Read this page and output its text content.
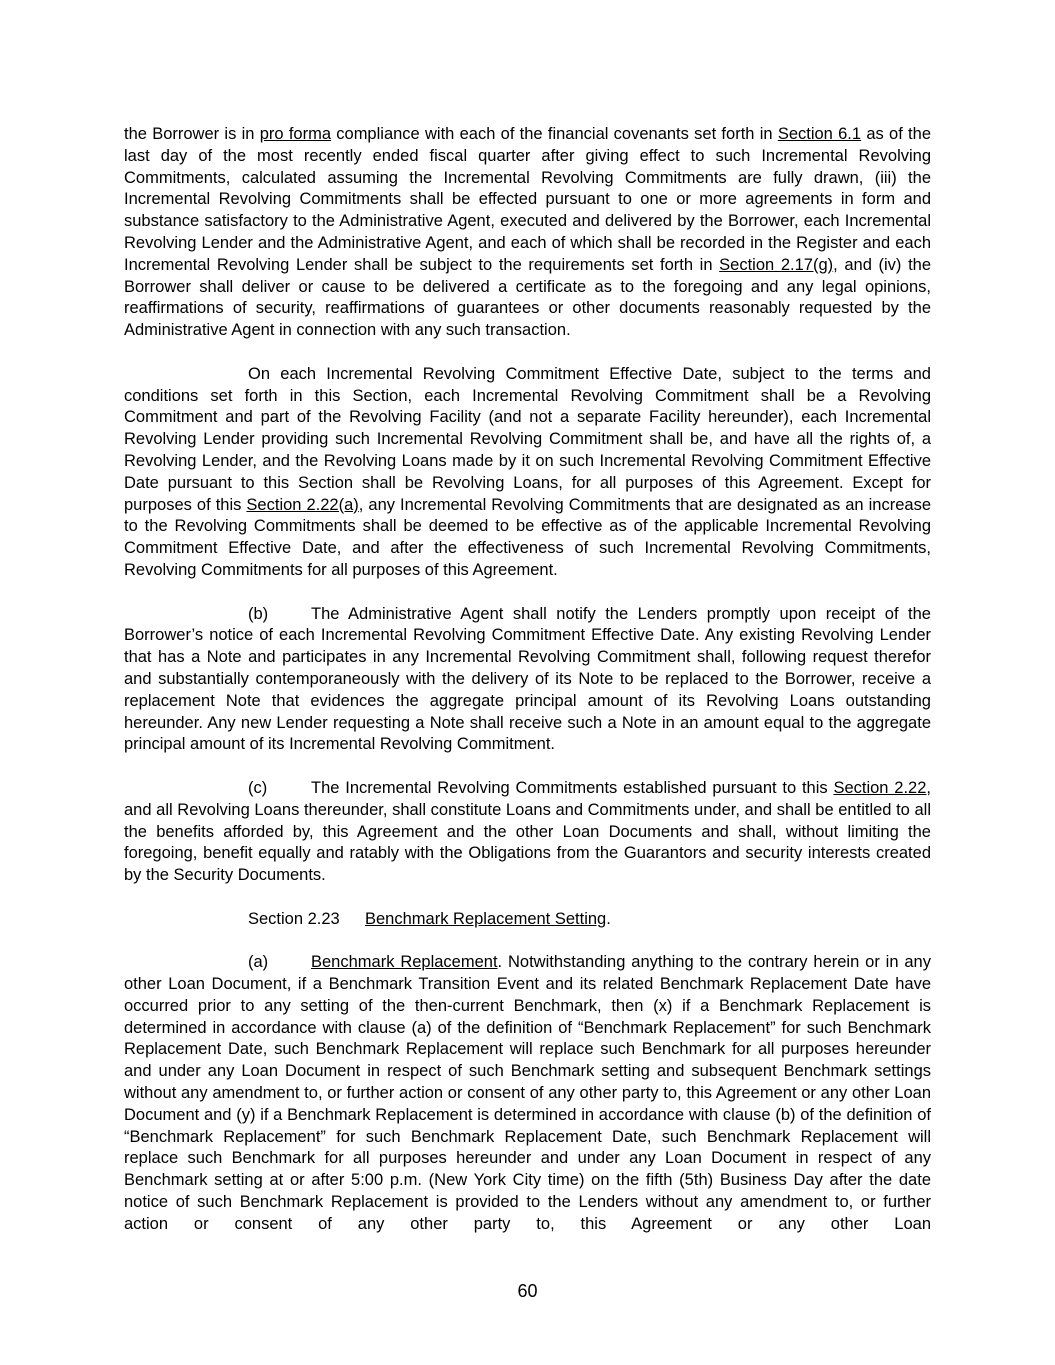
the Borrower is in pro forma compliance with each of the financial covenants set forth in Section 6.1 as of the last day of the most recently ended fiscal quarter after giving effect to such Incremental Revolving Commitments, calculated assuming the Incremental Revolving Commitments are fully drawn, (iii) the Incremental Revolving Commitments shall be effected pursuant to one or more agreements in form and substance satisfactory to the Administrative Agent, executed and delivered by the Borrower, each Incremental Revolving Lender and the Administrative Agent, and each of which shall be recorded in the Register and each Incremental Revolving Lender shall be subject to the requirements set forth in Section 2.17(g), and (iv) the Borrower shall deliver or cause to be delivered a certificate as to the foregoing and any legal opinions, reaffirmations of security, reaffirmations of guarantees or other documents reasonably requested by the Administrative Agent in connection with any such transaction.

On each Incremental Revolving Commitment Effective Date, subject to the terms and conditions set forth in this Section, each Incremental Revolving Commitment shall be a Revolving Commitment and part of the Revolving Facility (and not a separate Facility hereunder), each Incremental Revolving Lender providing such Incremental Revolving Commitment shall be, and have all the rights of, a Revolving Lender, and the Revolving Loans made by it on such Incremental Revolving Commitment Effective Date pursuant to this Section shall be Revolving Loans, for all purposes of this Agreement. Except for purposes of this Section 2.22(a), any Incremental Revolving Commitments that are designated as an increase to the Revolving Commitments shall be deemed to be effective as of the applicable Incremental Revolving Commitment Effective Date, and after the effectiveness of such Incremental Revolving Commitments, Revolving Commitments for all purposes of this Agreement.

(b)	The Administrative Agent shall notify the Lenders promptly upon receipt of the Borrower’s notice of each Incremental Revolving Commitment Effective Date. Any existing Revolving Lender that has a Note and participates in any Incremental Revolving Commitment shall, following request therefor and substantially contemporaneously with the delivery of its Note to be replaced to the Borrower, receive a replacement Note that evidences the aggregate principal amount of its Revolving Loans outstanding hereunder. Any new Lender requesting a Note shall receive such a Note in an amount equal to the aggregate principal amount of its Incremental Revolving Commitment.

(c)	The Incremental Revolving Commitments established pursuant to this Section 2.22, and all Revolving Loans thereunder, shall constitute Loans and Commitments under, and shall be entitled to all the benefits afforded by, this Agreement and the other Loan Documents and shall, without limiting the foregoing, benefit equally and ratably with the Obligations from the Guarantors and security interests created by the Security Documents.

Section 2.23 Benchmark Replacement Setting.

(a)	Benchmark Replacement. Notwithstanding anything to the contrary herein or in any other Loan Document, if a Benchmark Transition Event and its related Benchmark Replacement Date have occurred prior to any setting of the then-current Benchmark, then (x) if a Benchmark Replacement is determined in accordance with clause (a) of the definition of “Benchmark Replacement” for such Benchmark Replacement Date, such Benchmark Replacement will replace such Benchmark for all purposes hereunder and under any Loan Document in respect of such Benchmark setting and subsequent Benchmark settings without any amendment to, or further action or consent of any other party to, this Agreement or any other Loan Document and (y) if a Benchmark Replacement is determined in accordance with clause (b) of the definition of “Benchmark Replacement” for such Benchmark Replacement Date, such Benchmark Replacement will replace such Benchmark for all purposes hereunder and under any Loan Document in respect of any Benchmark setting at or after 5:00 p.m. (New York City time) on the fifth (5th) Business Day after the date notice of such Benchmark Replacement is provided to the Lenders without any amendment to, or further action or consent of any other party to, this Agreement or any other Loan

60
